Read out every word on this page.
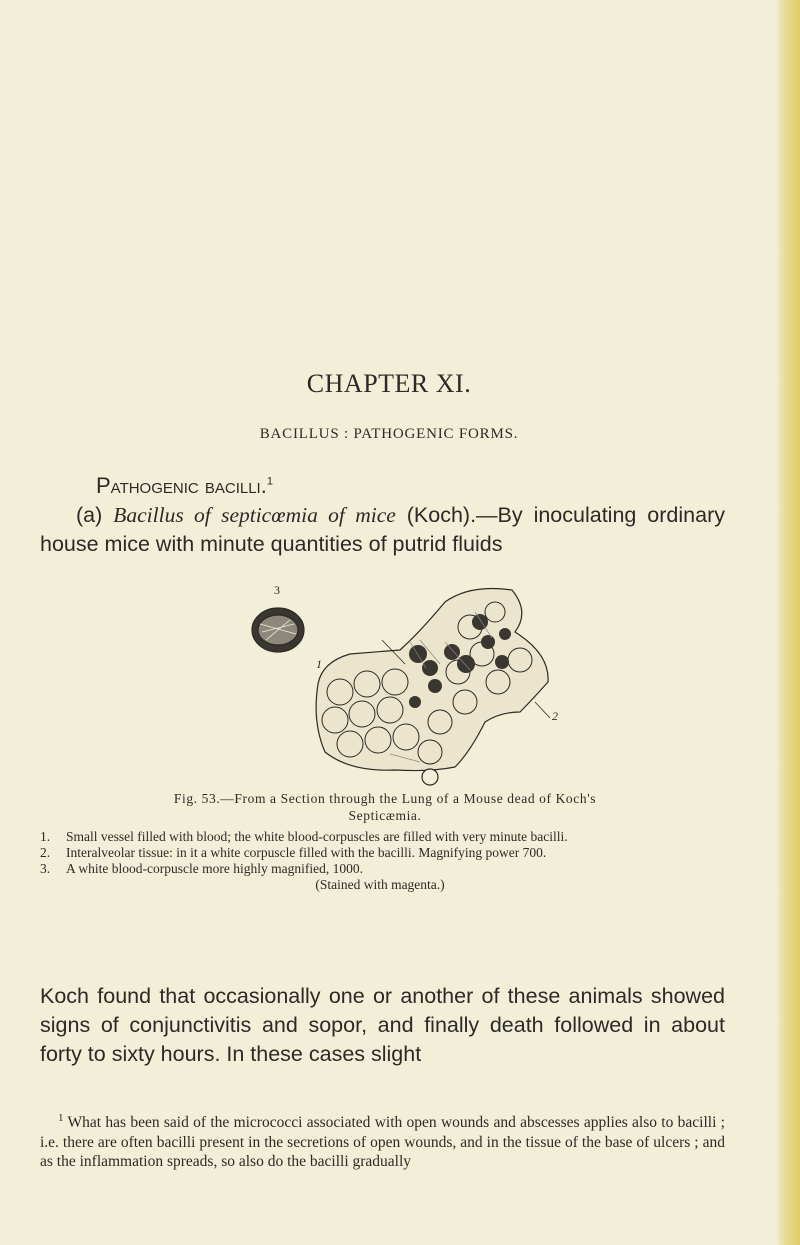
CHAPTER XI.
BACILLUS : PATHOGENIC FORMS.
Pathogenic bacilli.$^1$
(a) Bacillus of septicœmia of mice (Koch).—By inoculating ordinary house mice with minute quantities of putrid fluids
3
1
2
Fig. 53.—From a Section through the Lung of a Mouse dead of Koch's
Septicæmia.

1. Small vessel filled with blood; the white blood-corpuscles are filled with very minute bacilli.

2. Interalveolar tissue: in it a white corpuscle filled with the bacilli. Magnifying power 700.

3. A white blood-corpuscle more highly magnified, 1000.

(Stained with magenta.)

Koch found that occasionally one or another of these animals showed signs of conjunctivitis and sopor, and finally death followed in about forty to sixty hours. In these cases slight
$^1$ What has been said of the micrococci associated with open wounds and abscesses applies also to bacilli ; i.e. there are often bacilli present in the secretions of open wounds, and in the tissue of the base of ulcers ; and as the inflammation spreads, so also do the bacilli gradually
